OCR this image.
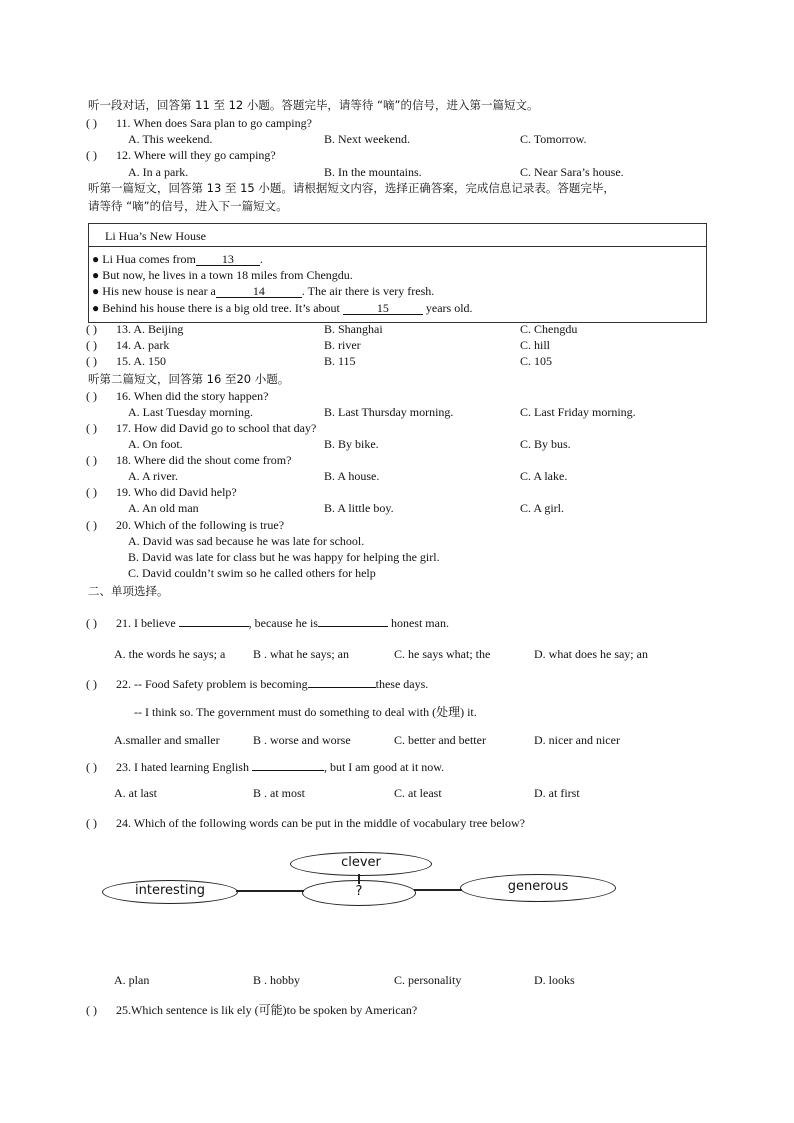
听一段对话，回答第 11 至 12 小题。答题完毕，请等待 “嘀”的信号，进入第一篇短文。
( ) 11. When does Sara plan to go camping?
A. This weekend.	B. Next weekend.	C. Tomorrow.
( ) 12. Where will they go camping?
A. In a park.	B. In the mountains.	C. Near Sara’s house.
听第一篇短文，回答第 13 至 15 小题。请根据短文内容，选择正确答案，完成信息记录表。答题完毕，
请等待 “嘀”的信号，进入下一篇短文。
Li Hua’s New House
● Li Hua comes from 13 .
● But now, he lives in a town 18 miles from Chengdu.
● His new house is near a	14	. The air there is very fresh.
● Behind his house there is a big old tree. It’s about	15	years old.
( ) 13. A. Beijing	B. Shanghai	C. Chengdu
( ) 14. A. park	B. river	C. hill
( ) 15. A. 150	B. 115	C. 105
听第二篇短文，回答第 16 至20 小题。
( ) 16. When did the story happen?
A. Last Tuesday morning.	B. Last Thursday morning.	C. Last Friday morning.
( ) 17. How did David go to school that day?
A. On foot.	B. By bike.	C. By bus.
( ) 18. Where did the shout come from?
A. A river.	B. A house.	C. A lake.
( ) 19. Who did David help?
A. An old man	B. A little boy.	C. A girl.
( ) 20. Which of the following is true?
A. David was sad because he was late for school.
B. David was late for class but he was happy for helping the girl.
C. David couldn’t swim so he called others for help
二、单项选择。
( ) 21. I believe	, because he is	honest man.
A. the words he says; a B . what he says; an	C. he says what; the	D. what does he say; an
( ) 22. -- Food Safety problem is becoming	these days.
-- I think so. The government must do something to deal with (处理) it.
A.smaller and smaller	B . worse and worse	C. better and better	D. nicer and nicer
( ) 23. I hated learning English	, but I am good at it now.
A. at last	B . at most	C. at least	D. at first
( ) 24. Which of the following words can be put in the middle of vocabulary tree below?
clever
interesting	?	generous
A. plan	B . hobby	C. personality	D. looks
( ) 25.Which sentence is lik ely (可能)to be spoken by American?
